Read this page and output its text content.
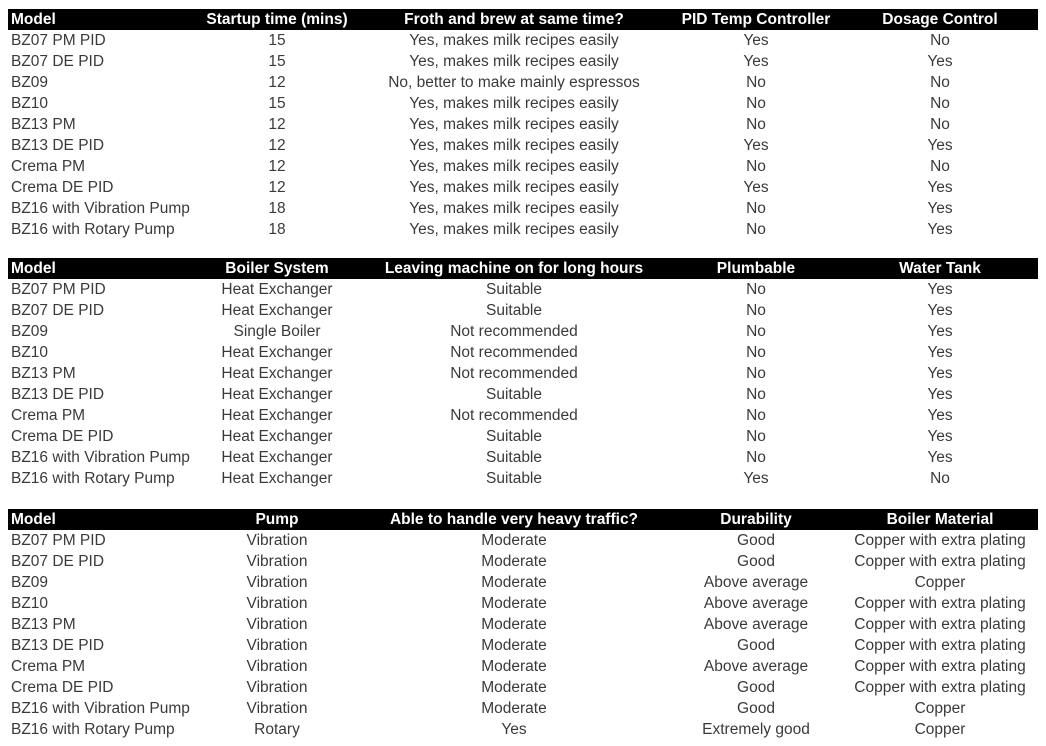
Model	Startup time (mins)	Froth and brew at same time?	PID Temp Controller	Dosage Control
BZ07 PM PID	15	Yes, makes milk recipes easily	Yes	No
BZ07 DE PID	15	Yes, makes milk recipes easily	Yes	Yes
BZ09	12	No, better to make mainly espressos	No	No
BZ10	15	Yes, makes milk recipes easily	No	No
BZ13 PM	12	Yes, makes milk recipes easily	No	No
BZ13 DE PID	12	Yes, makes milk recipes easily	Yes	Yes
Crema PM	12	Yes, makes milk recipes easily	No	No
Crema DE PID	12	Yes, makes milk recipes easily	Yes	Yes
BZ16 with Vibration Pump	18	Yes, makes milk recipes easily	No	Yes
BZ16 with Rotary Pump	18	Yes, makes milk recipes easily	No	Yes
Model	Boiler System	Leaving machine on for long hours	Plumbable	Water Tank
BZ07 PM PID	Heat Exchanger	Suitable	No	Yes
BZ07 DE PID	Heat Exchanger	Suitable	No	Yes
BZ09	Single Boiler	Not recommended	No	Yes
BZ10	Heat Exchanger	Not recommended	No	Yes
BZ13 PM	Heat Exchanger	Not recommended	No	Yes
BZ13 DE PID	Heat Exchanger	Suitable	No	Yes
Crema PM	Heat Exchanger	Not recommended	No	Yes
Crema DE PID	Heat Exchanger	Suitable	No	Yes
BZ16 with Vibration Pump	Heat Exchanger	Suitable	No	Yes
BZ16 with Rotary Pump	Heat Exchanger	Suitable	Yes	No
Model	Pump	Able to handle very heavy traffic?	Durability	Boiler Material
BZ07 PM PID	Vibration	Moderate	Good	Copper with extra plating
BZ07 DE PID	Vibration	Moderate	Good	Copper with extra plating
BZ09	Vibration	Moderate	Above average	Copper
BZ10	Vibration	Moderate	Above average	Copper with extra plating
BZ13 PM	Vibration	Moderate	Above average	Copper with extra plating
BZ13 DE PID	Vibration	Moderate	Good	Copper with extra plating
Crema PM	Vibration	Moderate	Above average	Copper with extra plating
Crema DE PID	Vibration	Moderate	Good	Copper with extra plating
BZ16 with Vibration Pump	Vibration	Moderate	Good	Copper
BZ16 with Rotary Pump	Rotary	Yes	Extremely good	Copper
